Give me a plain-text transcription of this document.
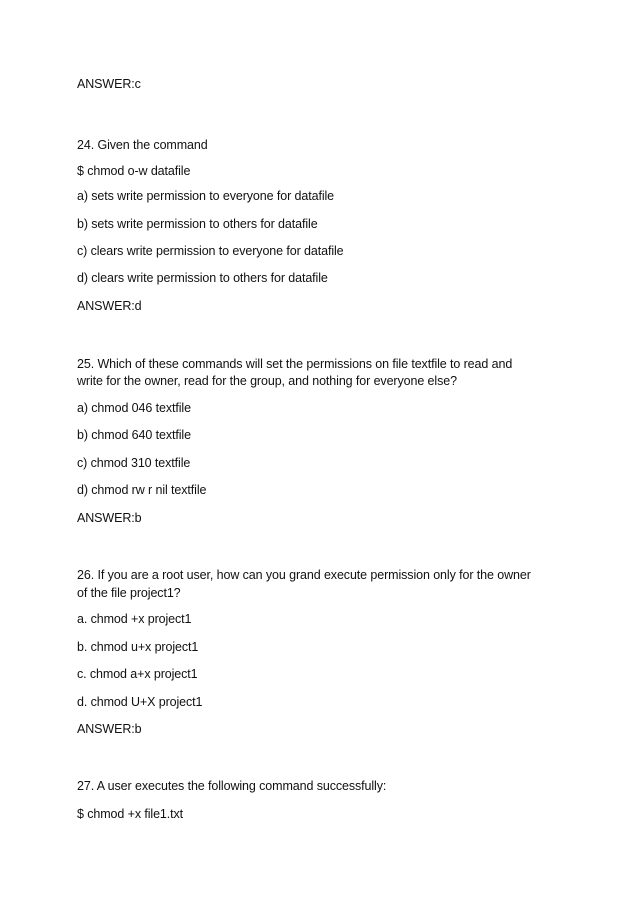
ANSWER:c
24. Given the command
$ chmod o-w datafile
a) sets write permission to everyone for datafile
b) sets write permission to others for datafile
c) clears write permission to everyone for datafile
d) clears write permission to others for datafile
ANSWER:d
25. Which of these commands will set the permissions on file textfile to read and
write for the owner, read for the group, and nothing for everyone else?
a) chmod 046 textfile
b) chmod 640 textfile
c) chmod 310 textfile
d) chmod rw r nil textfile
ANSWER:b
26. If you are a root user, how can you grand execute permission only for the owner
of the file project1?
a. chmod +x project1
b. chmod u+x project1
c. chmod a+x project1
d. chmod U+X project1
ANSWER:b
27. A user executes the following command successfully:
$ chmod +x file1.txt
